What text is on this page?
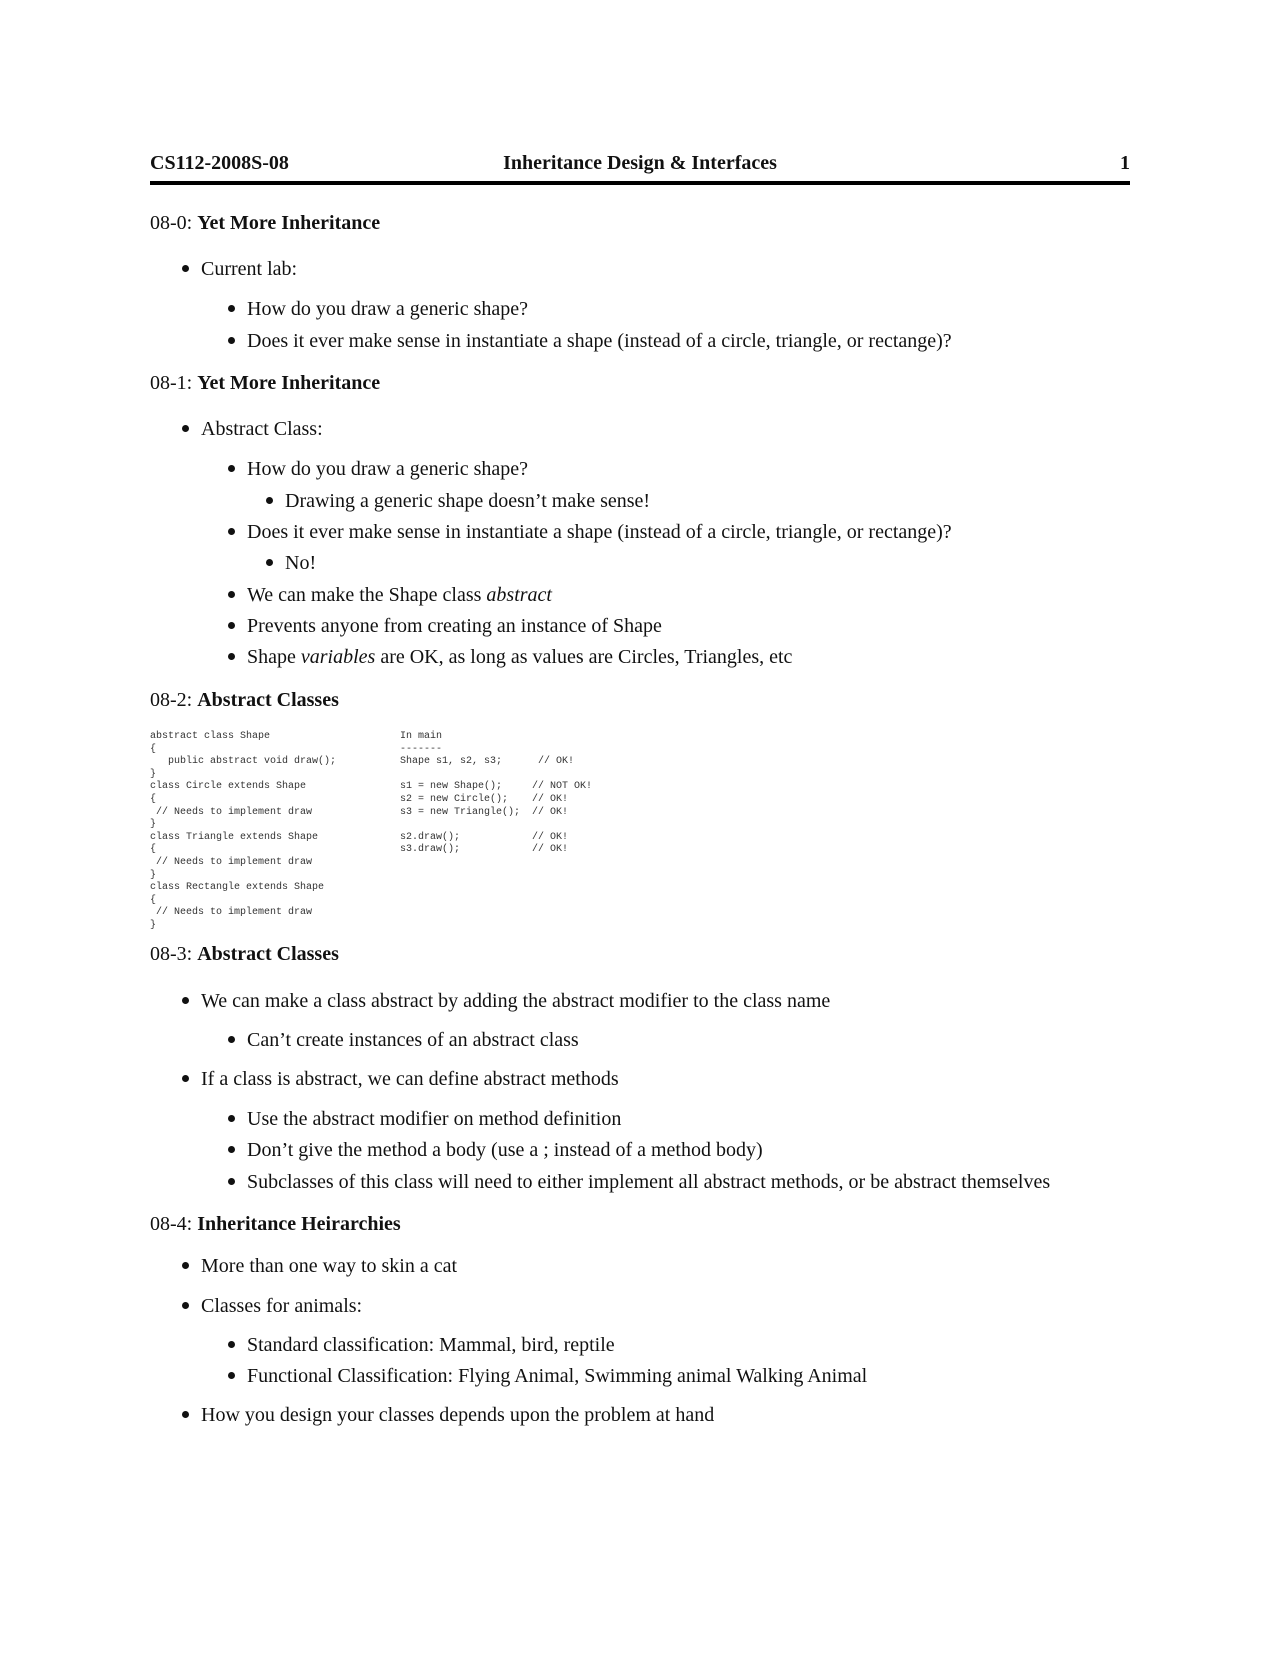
CS112-2008S-08	Inheritance Design & Interfaces	1
08-0: Yet More Inheritance
Current lab:
How do you draw a generic shape?
Does it ever make sense in instantiate a shape (instead of a circle, triangle, or rectange)?
08-1: Yet More Inheritance
Abstract Class:
How do you draw a generic shape?
Drawing a generic shape doesn’t make sense!
Does it ever make sense in instantiate a shape (instead of a circle, triangle, or rectange)?
No!
We can make the Shape class abstract
Prevents anyone from creating an instance of Shape
Shape variables are OK, as long as values are Circles, Triangles, etc
08-2: Abstract Classes
abstract class Shape
{
public abstract void draw();
}
class Circle extends Shape
{
// Needs to implement draw
}
class Triangle extends Shape
{
// Needs to implement draw
}
class Rectangle extends Shape
{
// Needs to implement draw
}
In main
-------
Shape s1, s2, s3;      // OK!

s1 = new Shape();     // NOT OK!
s2 = new Circle();    // OK!
s3 = new Triangle();  // OK!

s2.draw();            // OK!
s3.draw();            // OK!
08-3: Abstract Classes
We can make a class abstract by adding the abstract modifier to the class name
Can’t create instances of an abstract class
If a class is abstract, we can define abstract methods
Use the abstract modifier on method definition
Don’t give the method a body (use a ; instead of a method body)
Subclasses of this class will need to either implement all abstract methods, or be abstract themselves
08-4: Inheritance Heirarchies
More than one way to skin a cat
Classes for animals:
Standard classification: Mammal, bird, reptile
Functional Classification: Flying Animal, Swimming animal Walking Animal
How you design your classes depends upon the problem at hand
